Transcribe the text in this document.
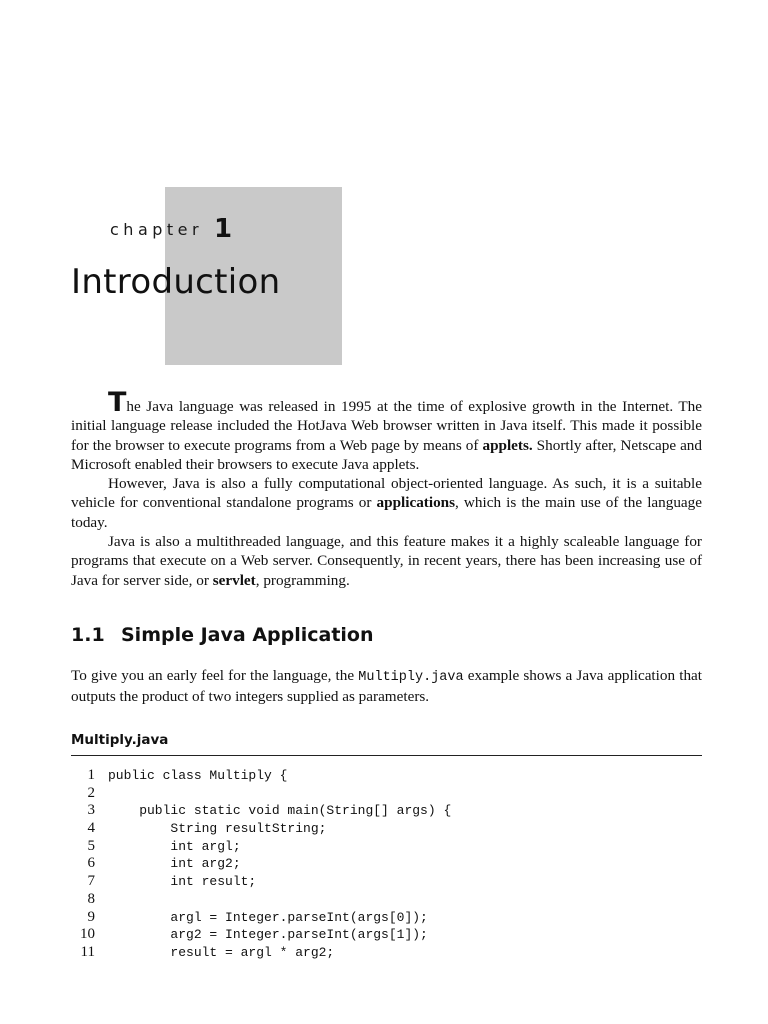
chapter 1
Introduction

The Java language was released in 1995 at the time of explosive growth in the Internet. The initial language release included the HotJava Web browser written in Java itself. This made it possible for the browser to execute programs from a Web page by means of applets. Shortly after, Netscape and Microsoft enabled their browsers to execute Java applets.

However, Java is also a fully computational object-oriented language. As such, it is a suitable vehicle for conventional standalone programs or applications, which is the main use of the language today.

Java is also a multithreaded language, and this feature makes it a highly scaleable language for programs that execute on a Web server. Consequently, in recent years, there has been increasing use of Java for server side, or servlet, programming.

1.1 Simple Java Application

To give you an early feel for the language, the Multiply.java example shows a Java application that outputs the product of two integers supplied as parameters.

Multiply.java
1 public class Multiply {
2
3 public static void main(String[] args) {
4 String resultString;
5 int argl;
6 int arg2;
7 int result;
8
9 argl = Integer.parseInt(args[0]);
10 arg2 = Integer.parseInt(args[1]);
11 result = argl * arg2;
